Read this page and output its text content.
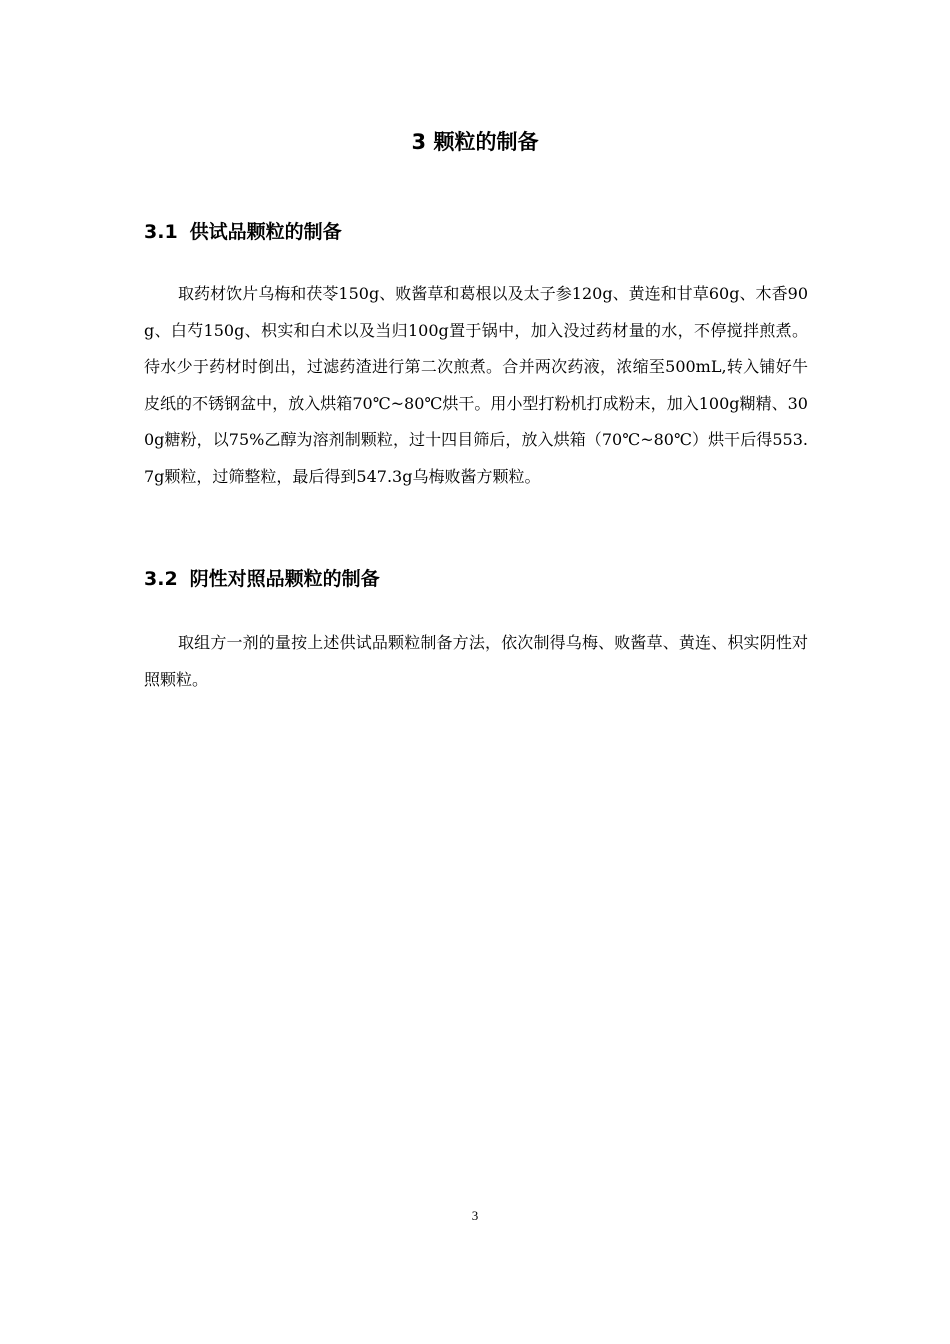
3 颗粒的制备
3.1 供试品颗粒的制备

取药材饮片乌梅和茯苓150g、败酱草和葛根以及太子参120g、黄连和甘草60g、木香90g、白芍150g、枳实和白术以及当归100g置于锅中，加入没过药材量的水，不停搅拌煎煮。待水少于药材时倒出，过滤药渣进行第二次煎煮。合并两次药液，浓缩至500mL,转入铺好牛皮纸的不锈钢盆中，放入烘箱70℃~80℃烘干。用小型打粉机打成粉末，加入100g糊精、300g糖粉，以75%乙醇为溶剂制颗粒，过十四目筛后，放入烘箱（70℃~80℃）烘干后得553.7g颗粒，过筛整粒，最后得到547.3g乌梅败酱方颗粒。

3.2 阴性对照品颗粒的制备

取组方一剂的量按上述供试品颗粒制备方法，依次制得乌梅、败酱草、黄连、枳实阴性对照颗粒。

3
